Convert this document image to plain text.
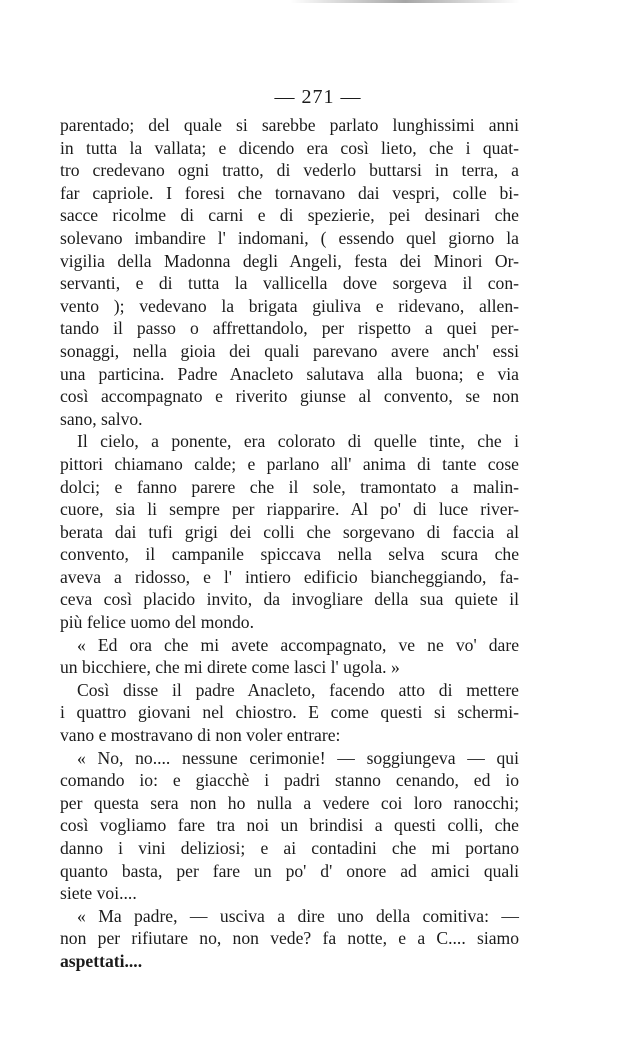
— 271 —
parentado; del quale si sarebbe parlato lunghissimi anni
in tutta la vallata; e dicendo era così lieto, che i quat-
tro credevano ogni tratto, di vederlo buttarsi in terra, a
far capriole. I foresi che tornavano dai vespri, colle bi-
sacce ricolme di carni e di spezierie, pei desinari che
solevano imbandire l' indomani, ( essendo quel giorno la
vigilia della Madonna degli Angeli, festa dei Minori Or-
servanti, e di tutta la vallicella dove sorgeva il con-
vento ); vedevano la brigata giuliva e ridevano, allen-
tando il passo o affrettandolo, per rispetto a quei per-
sonaggi, nella gioia dei quali parevano avere anch' essi
una particina. Padre Anacleto salutava alla buona; e via
così accompagnato e riverito giunse al convento, se non
sano, salvo.
Il cielo, a ponente, era colorato di quelle tinte, che i
pittori chiamano calde; e parlano all' anima di tante cose
dolci; e fanno parere che il sole, tramontato a malin-
cuore, sia li sempre per riapparire. Al po' di luce river-
berata dai tufi grigi dei colli che sorgevano di faccia al
convento, il campanile spiccava nella selva scura che
aveva a ridosso, e l' intiero edificio biancheggiando, fa-
ceva così placido invito, da invogliare della sua quiete il
più felice uomo del mondo.
« Ed ora che mi avete accompagnato, ve ne vo' dare
un bicchiere, che mi direte come lasci l' ugola. »
Così disse il padre Anacleto, facendo atto di mettere
i quattro giovani nel chiostro. E come questi si schermi-
vano e mostravano di non voler entrare:
« No, no.... nessune cerimonie! — soggiungeva — qui
comando io: e giacchè i padri stanno cenando, ed io
per questa sera non ho nulla a vedere coi loro ranocchi;
così vogliamo fare tra noi un brindisi a questi colli, che
danno i vini deliziosi; e ai contadini che mi portano
quanto basta, per fare un po' d' onore ad amici quali
siete voi....
« Ma padre, — usciva a dire uno della comitiva: —
non per rifiutare no, non vede? fa notte, e a C.... siamo
aspettati....
